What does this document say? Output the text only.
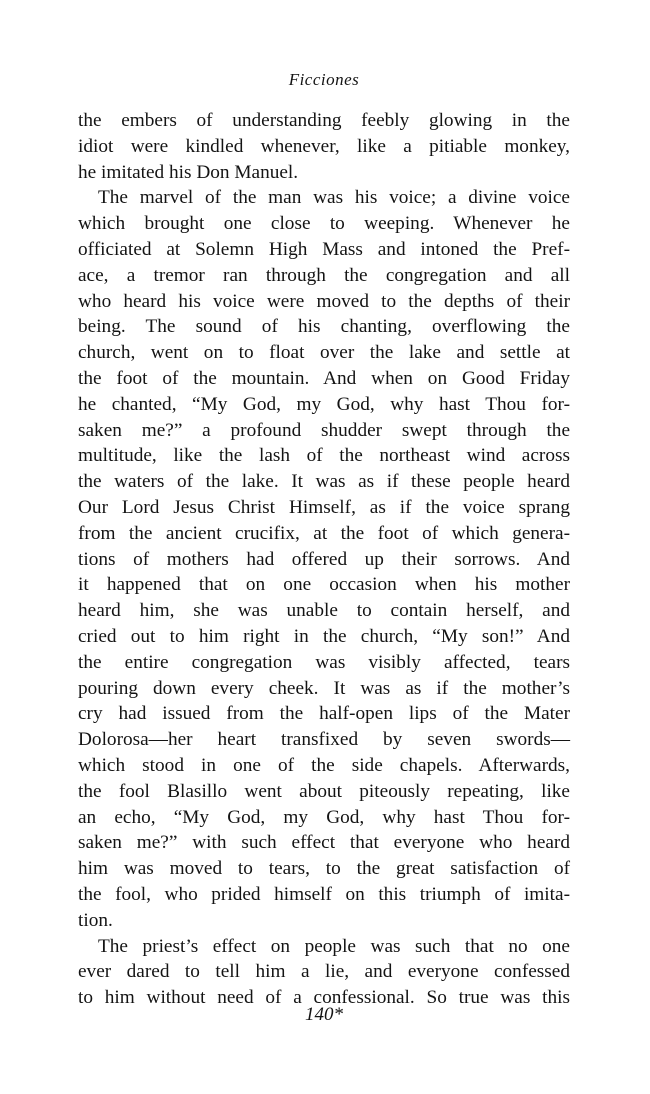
Ficciones
the embers of understanding feebly glowing in the
idiot were kindled whenever, like a pitiable monkey,
he imitated his Don Manuel.
The marvel of the man was his voice; a divine voice
which brought one close to weeping. Whenever he
officiated at Solemn High Mass and intoned the Pref-
ace, a tremor ran through the congregation and all
who heard his voice were moved to the depths of their
being. The sound of his chanting, overflowing the
church, went on to float over the lake and settle at
the foot of the mountain. And when on Good Friday
he chanted, “My God, my God, why hast Thou for-
saken me?” a profound shudder swept through the
multitude, like the lash of the northeast wind across
the waters of the lake. It was as if these people heard
Our Lord Jesus Christ Himself, as if the voice sprang
from the ancient crucifix, at the foot of which genera-
tions of mothers had offered up their sorrows. And
it happened that on one occasion when his mother
heard him, she was unable to contain herself, and
cried out to him right in the church, “My son!” And
the entire congregation was visibly affected, tears
pouring down every cheek. It was as if the mother’s
cry had issued from the half-open lips of the Mater
Dolorosa—her heart transfixed by seven swords—
which stood in one of the side chapels. Afterwards,
the fool Blasillo went about piteously repeating, like
an echo, “My God, my God, why hast Thou for-
saken me?” with such effect that everyone who heard
him was moved to tears, to the great satisfaction of
the fool, who prided himself on this triumph of imita-
tion.
The priest’s effect on people was such that no one
ever dared to tell him a lie, and everyone confessed
to him without need of a confessional. So true was this
140*
